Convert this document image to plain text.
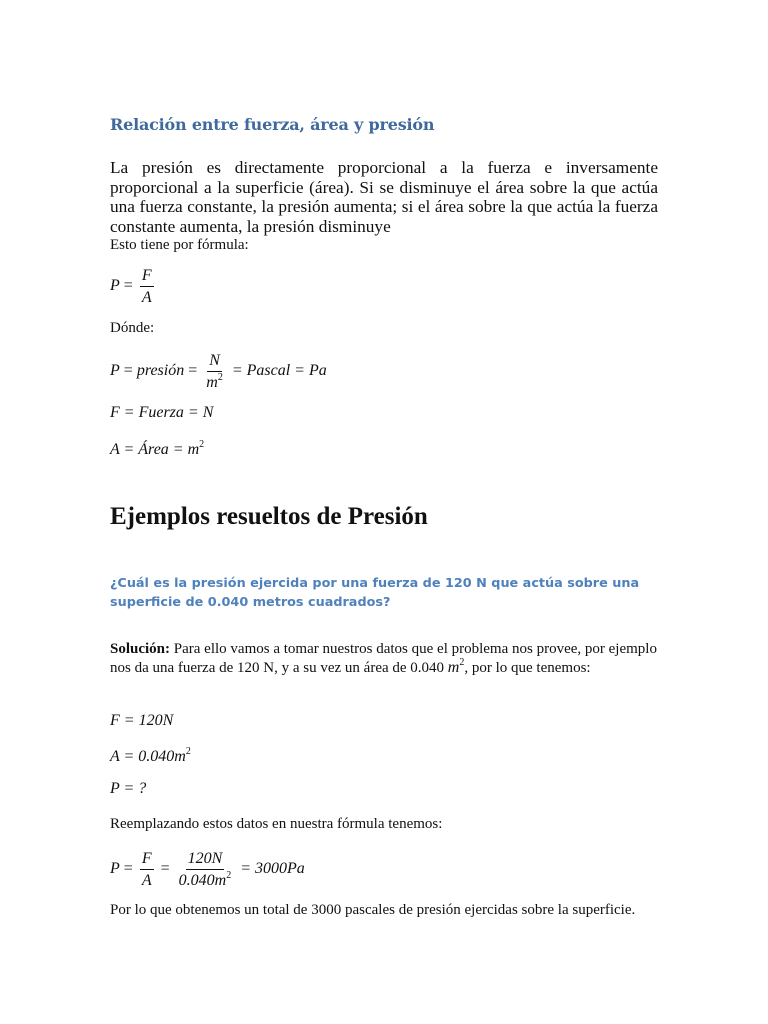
Relación entre fuerza, área y presión
La presión es directamente proporcional a la fuerza e inversamente proporcional a la superficie (área). Si se disminuye el área sobre la que actúa una fuerza constante, la presión aumenta; si el área sobre la que actúa la fuerza constante aumenta, la presión disminuye
Esto tiene por fórmula:
$P = \frac{F}{A}$
Dónde:
P = presión = $\frac{N}{m^2}$ = Pascal = Pa
F = Fuerza = N
A = Área = $m^2$
Ejemplos resueltos de Presión
¿Cuál es la presión ejercida por una fuerza de 120 N que actúa sobre una superficie de 0.040 metros cuadrados?
Solución: Para ello vamos a tomar nuestros datos que el problema nos provee, por ejemplo nos da una fuerza de 120 N, y a su vez un área de 0.040 $m^2$, por lo que tenemos:
F = 120N
$A = 0.040m^2$
P = ?
Reemplazando estos datos en nuestra fórmula tenemos:
$P = \frac{F}{A} = \frac{120N}{0.040m^2} = 3000Pa$
Por lo que obtenemos un total de 3000 pascales de presión ejercidas sobre la superficie.
